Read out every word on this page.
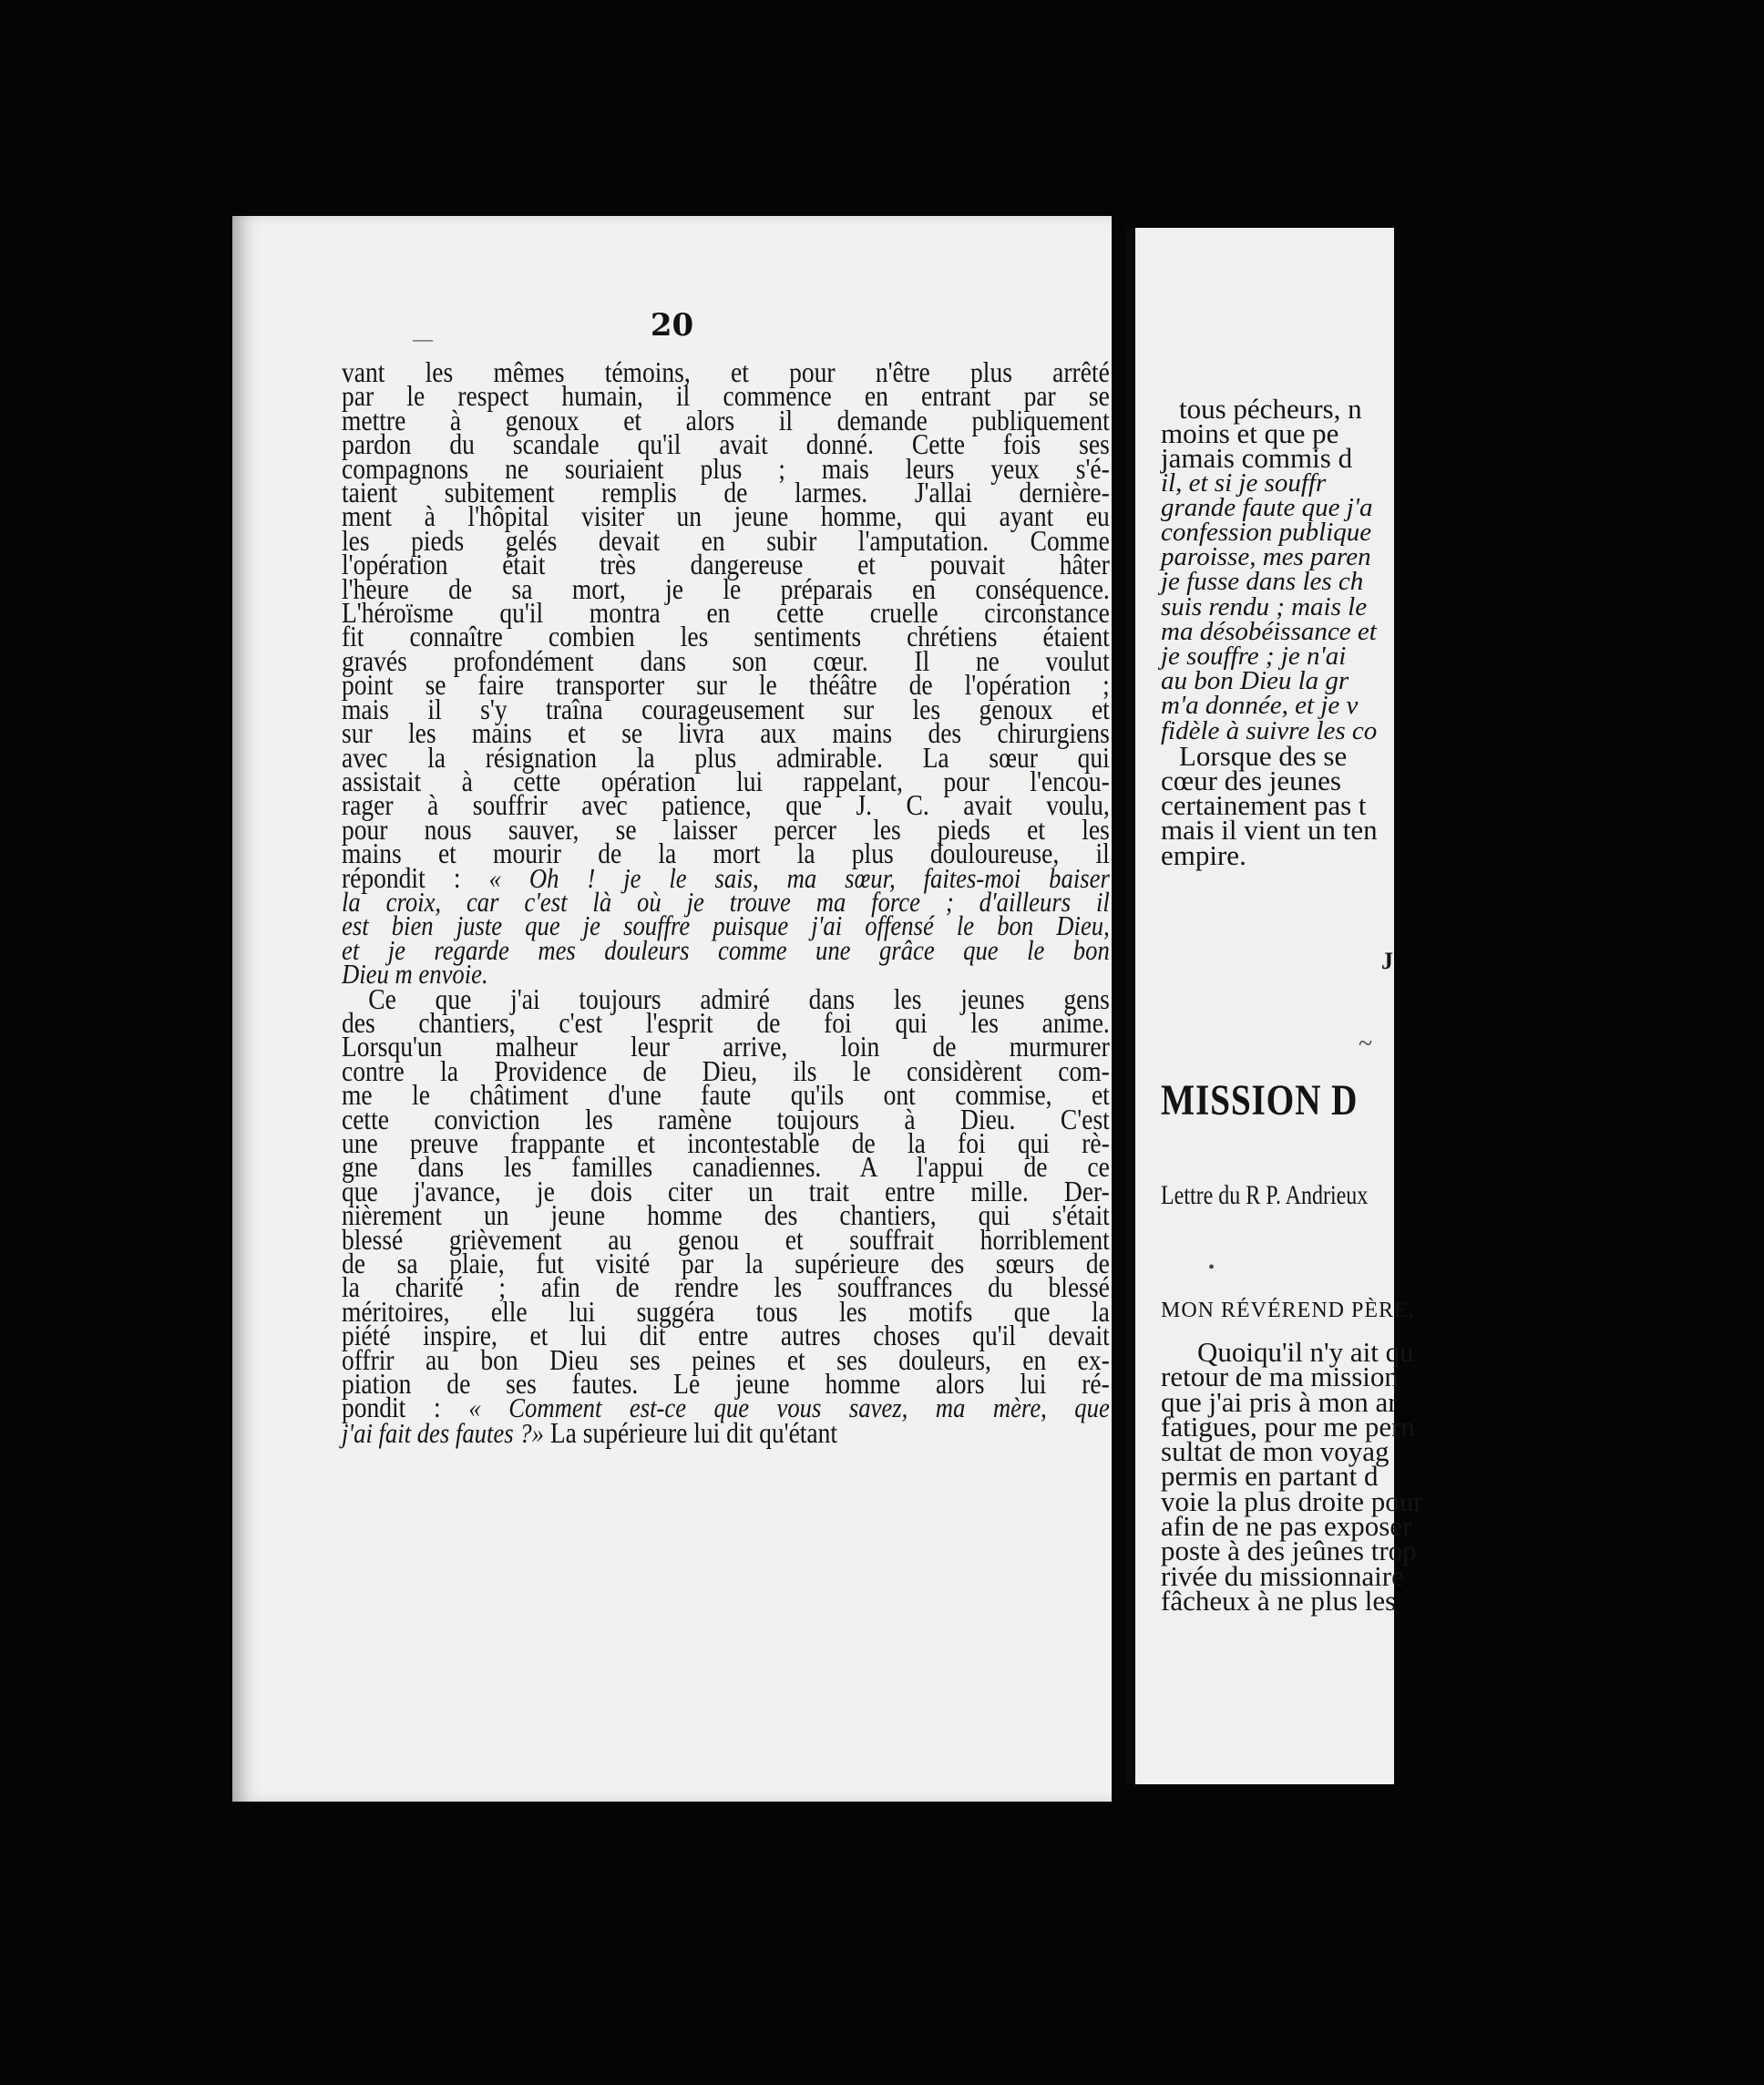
20
—
vant les mêmes témoins, et pour n'être plus arrêté
par le respect humain, il commence en entrant par se
mettre à genoux et alors il demande publiquement
pardon du scandale qu'il avait donné. Cette fois ses
compagnons ne souriaient plus ; mais leurs yeux s'é-
taient subitement remplis de larmes. J'allai dernière-
ment à l'hôpital visiter un jeune homme, qui ayant eu
les pieds gelés devait en subir l'amputation. Comme
l'opération était très dangereuse et pouvait hâter
l'heure de sa mort, je le préparais en conséquence.
L'héroïsme qu'il montra en cette cruelle circonstance
fit connaître combien les sentiments chrétiens étaient
gravés profondément dans son cœur. Il ne voulut
point se faire transporter sur le théâtre de l'opération ;
mais il s'y traîna courageusement sur les genoux et
sur les mains et se livra aux mains des chirurgiens
avec la résignation la plus admirable. La sœur qui
assistait à cette opération lui rappelant, pour l'encou-
rager à souffrir avec patience, que J. C. avait voulu,
pour nous sauver, se laisser percer les pieds et les
mains et mourir de la mort la plus douloureuse, il
répondit : « Oh ! je le sais, ma sœur, faites-moi baiser
la croix, car c'est là où je trouve ma force ; d'ailleurs il
est bien juste que je souffre puisque j'ai offensé le bon Dieu,
et je regarde mes douleurs comme une grâce que le bon
Dieu m envoie.
Ce que j'ai toujours admiré dans les jeunes gens
des chantiers, c'est l'esprit de foi qui les anime.
Lorsqu'un malheur leur arrive, loin de murmurer
contre la Providence de Dieu, ils le considèrent com-
me le châtiment d'une faute qu'ils ont commise, et
cette conviction les ramène toujours à Dieu. C'est
une preuve frappante et incontestable de la foi qui rè-
gne dans les familles canadiennes. A l'appui de ce
que j'avance, je dois citer un trait entre mille. Der-
nièrement un jeune homme des chantiers, qui s'était
blessé grièvement au genou et souffrait horriblement
de sa plaie, fut visité par la supérieure des sœurs de
la charité ; afin de rendre les souffrances du blessé
méritoires, elle lui suggéra tous les motifs que la
piété inspire, et lui dit entre autres choses qu'il devait
offrir au bon Dieu ses peines et ses douleurs, en ex-
piation de ses fautes. Le jeune homme alors lui ré-
pondit : « Comment est-ce que vous savez, ma mère, que
j'ai fait des fautes ?» La supérieure lui dit qu'étant
tous pécheurs, n
moins et que pe
jamais commis d
il, et si je souffr
grande faute que j'a
confession publique
paroisse, mes paren
je fusse dans les ch
suis rendu ; mais le
ma désobéissance et
je souffre ; je n'ai
au bon Dieu la gr
m'a donnée, et je v
fidèle à suivre les co
Lorsque des se
cœur des jeunes
certainement pas t
mais il vient un ten
empire.
J
~
MISSION D
Lettre du R P. Andrieux
•
MON RÉVÉREND PÈRE,
Quoiqu'il n'y ait qu
retour de ma mission
que j'ai pris à mon ar
fatigues, pour me pern
sultat de mon voyag
permis en partant d
voie la plus droite pour
afin de ne pas exposer
poste à des jeûnes trop
rivée du missionnaire
fâcheux à ne plus les
